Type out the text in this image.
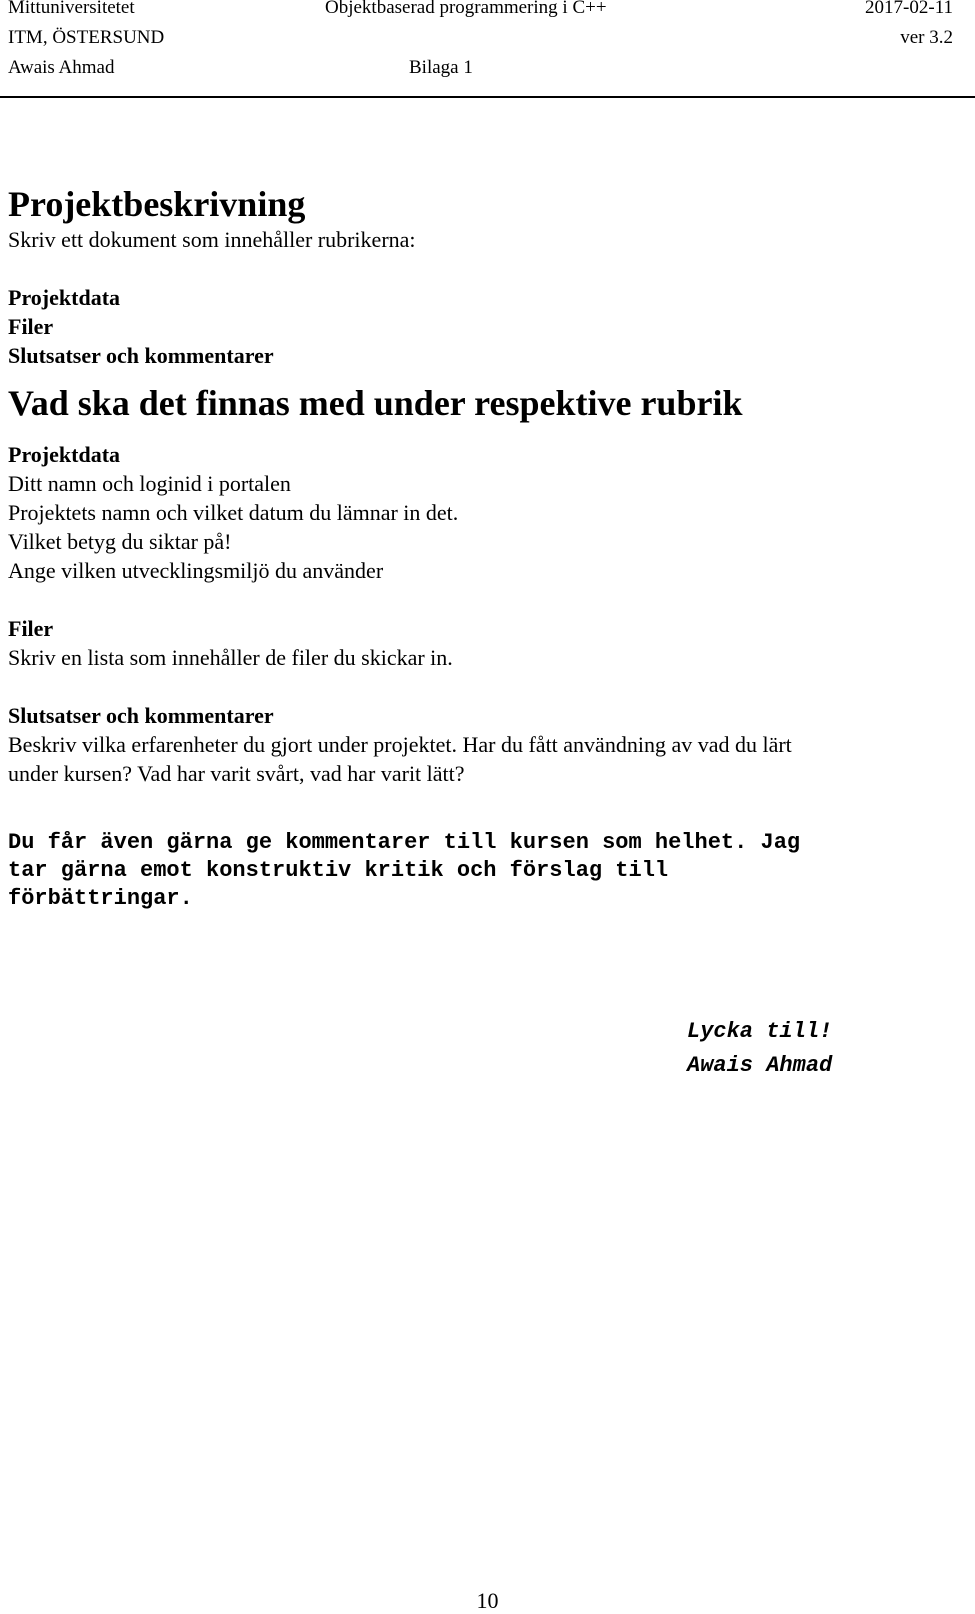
Mittuniversitetet	Objektbaserad programmering i C++	2017-02-11
ITM, ÖSTERSUND	ver 3.2
Awais Ahmad	Bilaga 1
Projektbeskrivning

Skriv ett dokument som innehåller rubrikerna:

Projektdata

Filer

Slutsatser och kommentarer

Vad ska det finnas med under respektive rubrik

Projektdata

Ditt namn och loginid i portalen

Projektets namn och vilket datum du lämnar in det.

Vilket betyg du siktar på!

Ange vilken utvecklingsmiljö du använder

Filer

Skriv en lista som innehåller de filer du skickar in.

Slutsatser och kommentarer

Beskriv vilka erfarenheter du gjort under projektet. Har du fått användning av vad du lärt

under kursen? Vad har varit svårt, vad har varit lätt?

Du får även gärna ge kommentarer till kursen som helhet. Jag

tar gärna emot konstruktiv kritik och förslag till

förbättringar.

Lycka till!
Awais Ahmad
10
